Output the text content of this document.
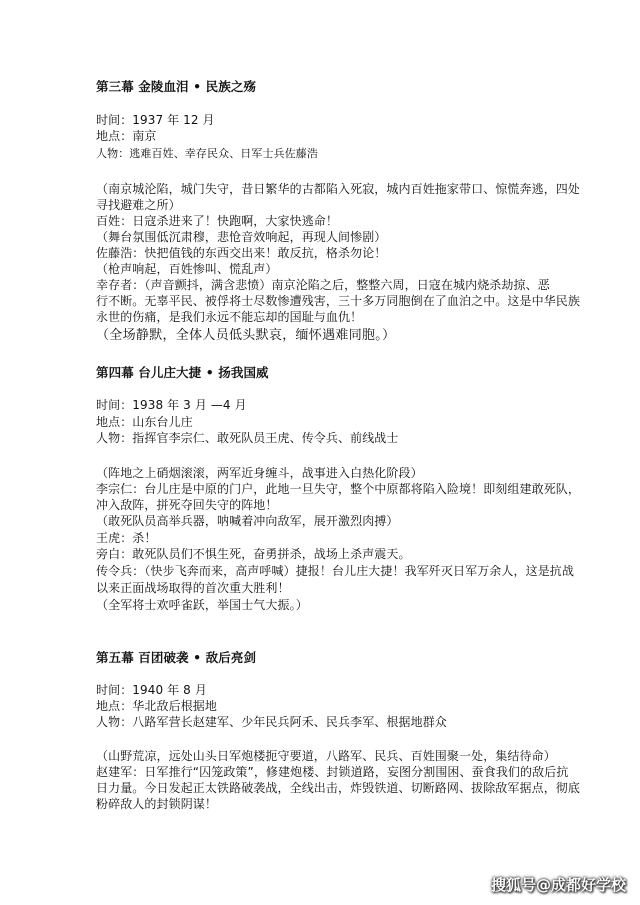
第三幕 金陵血泪 • 民族之殇
时间：1937 年 12 月
地点：南京
人物：逃难百姓、幸存民众、日军士兵佐藤浩
（南京城沦陷，城门失守，昔日繁华的古都陷入死寂，城内百姓拖家带口、惊慌奔逃，四处
寻找避难之所）
百姓：日寇杀进来了！快跑啊，大家快逃命！
（舞台氛围低沉肃穆，悲怆音效响起，再现人间惨剧）
佐藤浩：快把值钱的东西交出来！敢反抗，格杀勿论！
（枪声响起，百姓惨叫、慌乱声）
幸存者：（声音颤抖，满含悲愤）南京沦陷之后，整整六周，日寇在城内烧杀劫掠、恶
行不断。无辜平民、被俘将士尽数惨遭残害，三十多万同胞倒在了血泊之中。这是中华民族
永世的伤痛，是我们永远不能忘却的国耻与血仇！
（全场静默，全体人员低头默哀，缅怀遇难同胞。）
第四幕 台儿庄大捷 • 扬我国威
时间：1938 年 3 月 —4 月
地点：山东台儿庄
人物：指挥官李宗仁、敢死队员王虎、传令兵、前线战士
（阵地之上硝烟滚滚，两军近身缠斗，战事进入白热化阶段）
李宗仁：台儿庄是中原的门户，此地一旦失守，整个中原都将陷入险境！即刻组建敢死队，
冲入敌阵，拼死夺回失守的阵地！
（敢死队员高举兵器，呐喊着冲向敌军，展开激烈肉搏）
王虎：杀！
旁白：敢死队员们不惧生死，奋勇拼杀，战场上杀声震天。
传令兵：（快步飞奔而来，高声呼喊）捷报！台儿庄大捷！我军歼灭日军万余人，这是抗战
以来正面战场取得的首次重大胜利！
（全军将士欢呼雀跃，举国士气大振。）
第五幕 百团破袭 • 敌后亮剑
时间：1940 年 8 月
地点：华北敌后根据地
人物：八路军营长赵建军、少年民兵阿禾、民兵李军、根据地群众
（山野荒凉，远处山头日军炮楼扼守要道，八路军、民兵、百姓围聚一处，集结待命）
赵建军：日军推行“囚笼政策”，修建炮楼、封锁道路，妄图分割围困、蚕食我们的敌后抗
日力量。今日发起正太铁路破袭战，全线出击，炸毁铁道、切断路网、拔除敌军据点，彻底
粉碎敌人的封锁阴谋！
搜狐号@成都好学校
